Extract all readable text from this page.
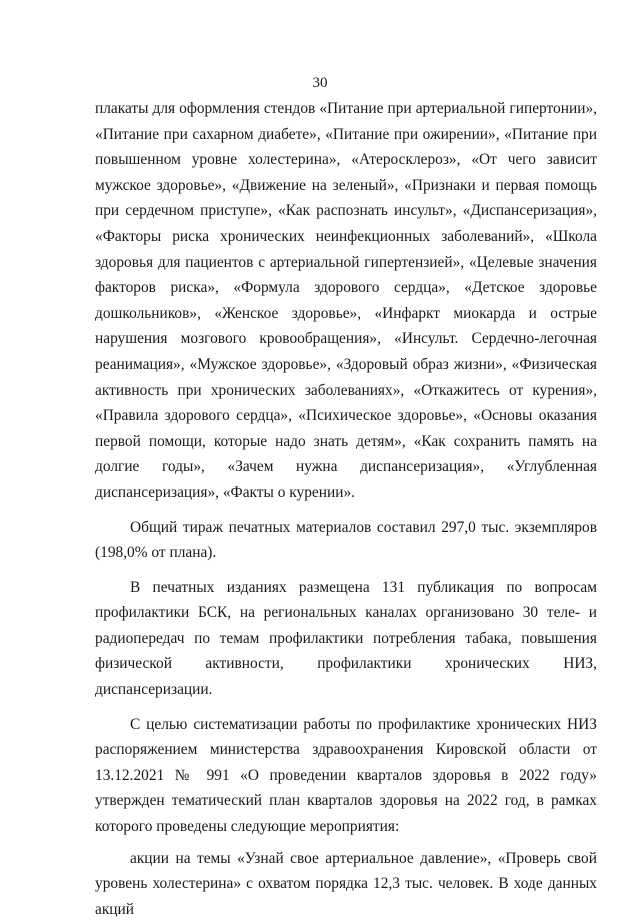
30

плакаты для оформления стендов «Питание при артериальной гипертонии», «Питание при сахарном диабете», «Питание при ожирении», «Питание при повышенном уровне холестерина», «Атеросклероз», «От чего зависит мужское здоровье», «Движение на зеленый», «Признаки и первая помощь при сердечном приступе», «Как распознать инсульт», «Диспансеризация», «Факторы риска хронических неинфекционных заболеваний», «Школа здоровья для пациентов с артериальной гипертензией», «Целевые значения факторов риска», «Формула здорового сердца», «Детское здоровье дошкольников», «Женское здоровье», «Инфаркт миокарда и острые нарушения мозгового кровообращения», «Инсульт. Сердечно-легочная реанимация», «Мужское здоровье», «Здоровый образ жизни», «Физическая активность при хронических заболеваниях», «Откажитесь от курения», «Правила здорового сердца», «Психическое здоровье», «Основы оказания первой помощи, которые надо знать детям», «Как сохранить память на долгие годы», «Зачем нужна диспансеризация», «Углубленная диспансеризация», «Факты о курении».

Общий тираж печатных материалов составил 297,0 тыс. экземпляров (198,0% от плана).

В печатных изданиях размещена 131 публикация по вопросам профилактики БСК, на региональных каналах организовано 30 теле- и радиопередач по темам профилактики потребления табака, повышения физической активности, профилактики хронических НИЗ, диспансеризации.

С целью систематизации работы по профилактике хронических НИЗ распоряжением министерства здравоохранения Кировской области от 13.12.2021 № 991 «О проведении кварталов здоровья в 2022 году» утвержден тематический план кварталов здоровья на 2022 год, в рамках которого проведены следующие мероприятия:

акции на темы «Узнай свое артериальное давление», «Проверь свой уровень холестерина» с охватом порядка 12,3 тыс. человек. В ходе данных акций
